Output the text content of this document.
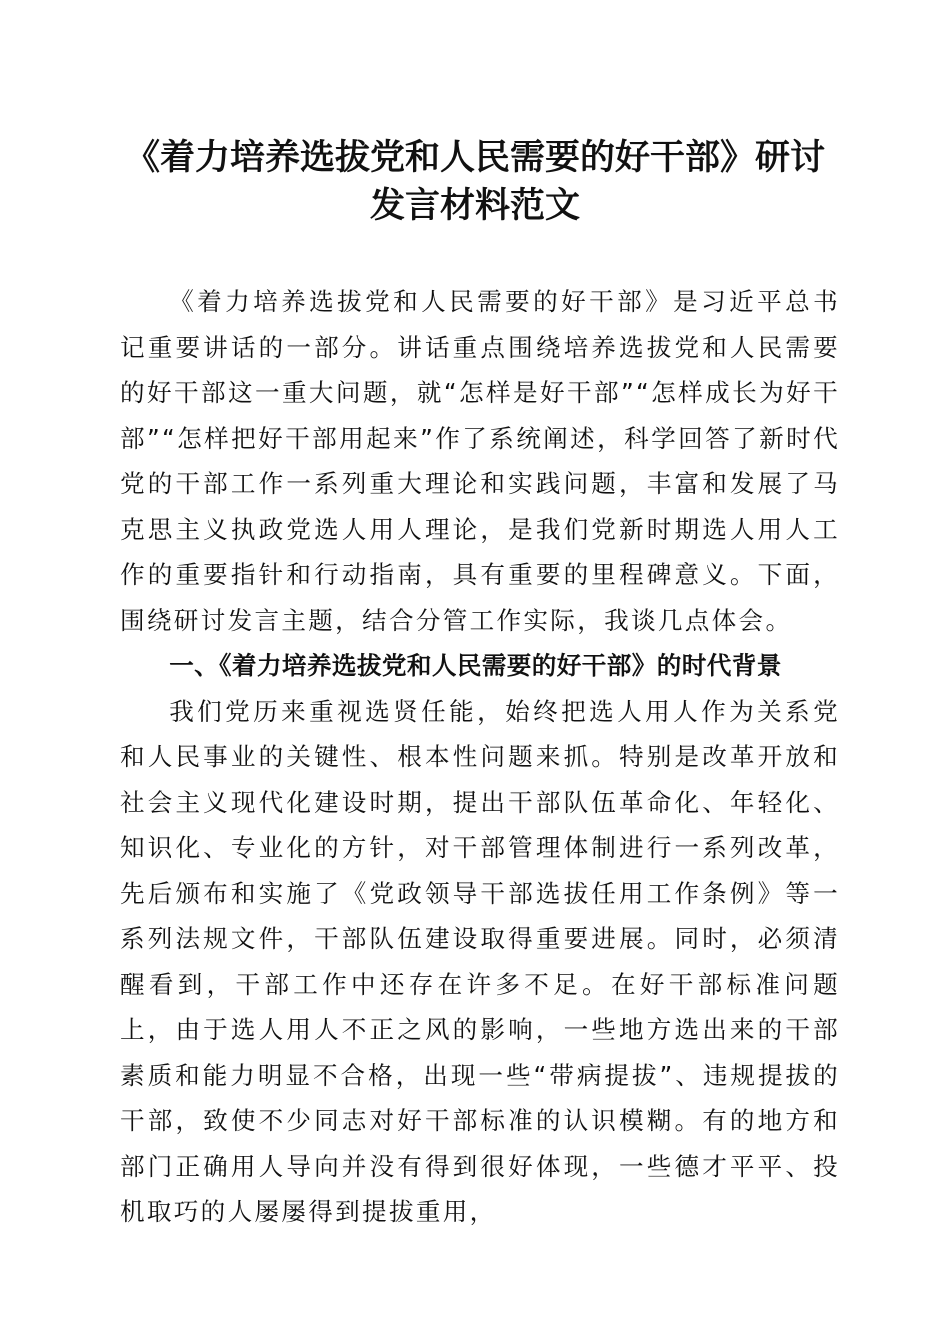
《着力培养选拔党和人民需要的好干部》研讨
发言材料范文

《着力培养选拔党和人民需要的好干部》是习近平总书记重要讲话的一部分。讲话重点围绕培养选拔党和人民需要的好干部这一重大问题，就“怎样是好干部”“怎样成长为好干部”“怎样把好干部用起来”作了系统阐述，科学回答了新时代党的干部工作一系列重大理论和实践问题，丰富和发展了马克思主义执政党选人用人理论，是我们党新时期选人用人工作的重要指针和行动指南，具有重要的里程碑意义。下面，围绕研讨发言主题，结合分管工作实际，我谈几点体会。

一、《着力培养选拔党和人民需要的好干部》的时代背景

我们党历来重视选贤任能，始终把选人用人作为关系党和人民事业的关键性、根本性问题来抓。特别是改革开放和社会主义现代化建设时期，提出干部队伍革命化、年轻化、知识化、专业化的方针，对干部管理体制进行一系列改革，先后颁布和实施了《党政领导干部选拔任用工作条例》等一系列法规文件，干部队伍建设取得重要进展。同时，必须清醒看到，干部工作中还存在许多不足。在好干部标准问题上，由于选人用人不正之风的影响，一些地方选出来的干部素质和能力明显不合格，出现一些“带病提拔”、违规提拔的干部，致使不少同志对好干部标准的认识模糊。有的地方和部门正确用人导向并没有得到很好体现，一些德才平平、投机取巧的人屡屡得到提拔重用，
